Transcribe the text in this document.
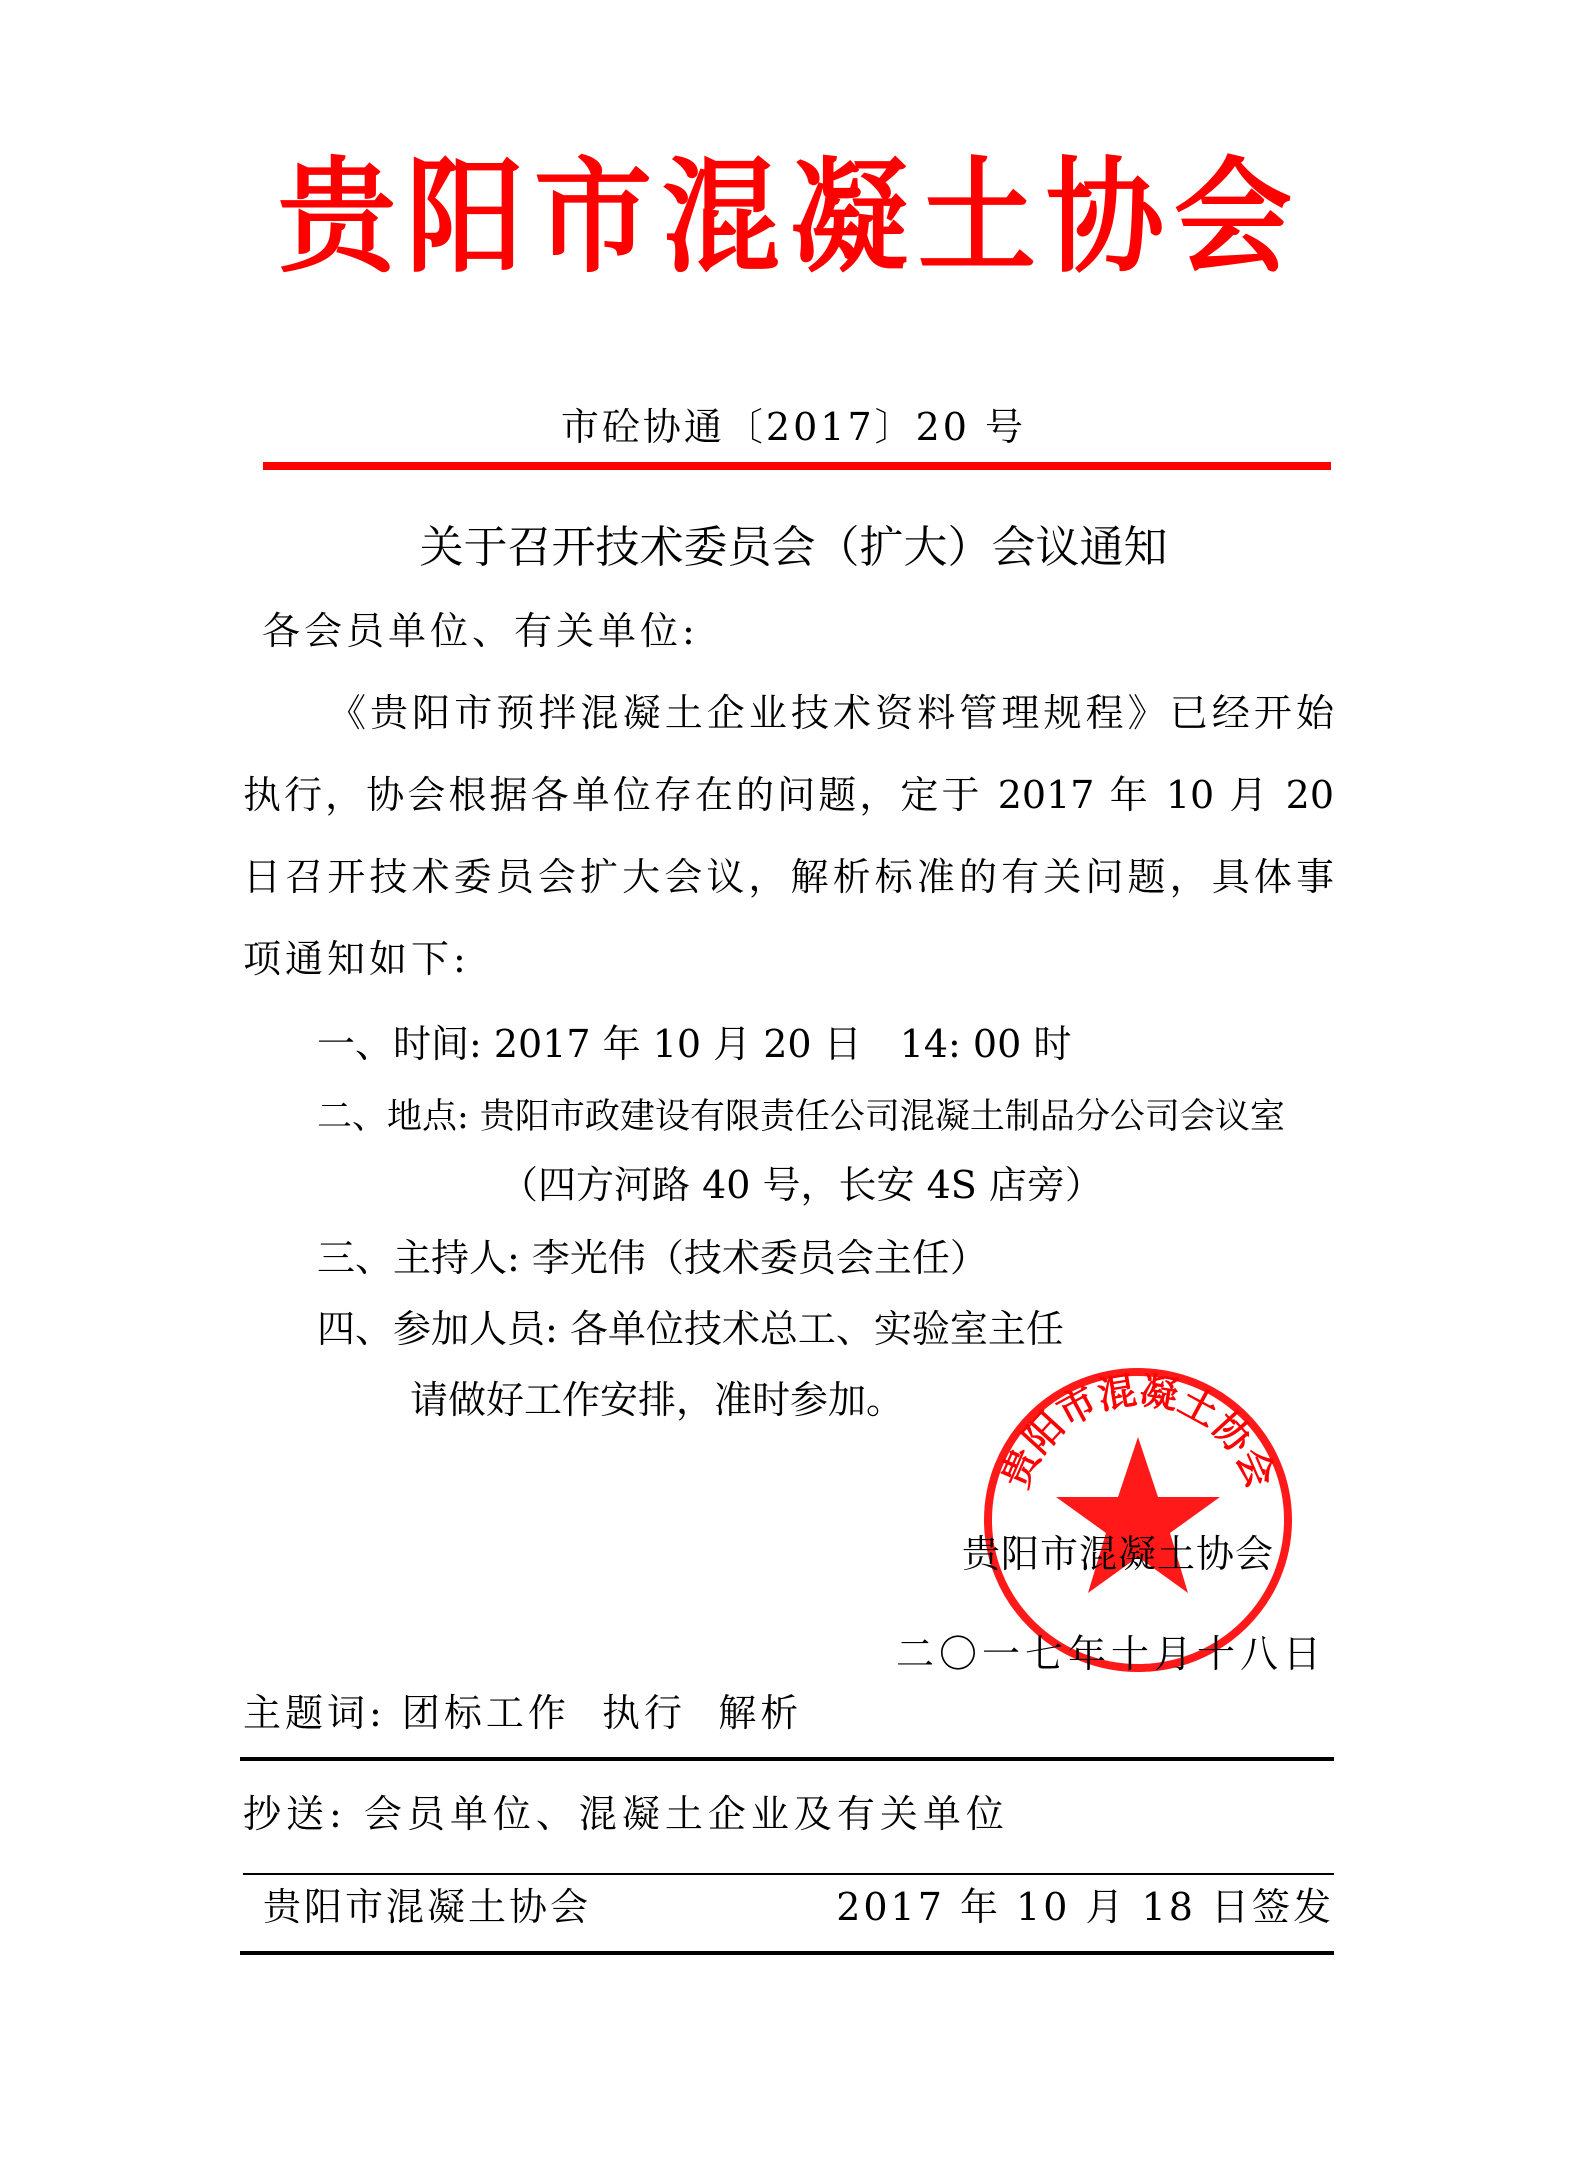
贵阳市混凝土协会
市砼协通〔2017〕20 号
关于召开技术委员会（扩大）会议通知
各会员单位、有关单位:
《贵阳市预拌混凝土企业技术资料管理规程》已经开始
执行，协会根据各单位存在的问题，定于 2017 年 10 月 20
日召开技术委员会扩大会议，解析标准的有关问题，具体事
项通知如下:
一、时间: 2017 年 10 月 20 日　14: 00 时
二、地点: 贵阳市政建设有限责任公司混凝土制品分公司会议室
（四方河路 40 号，长安 4S 店旁）
三、主持人: 李光伟（技术委员会主任）
四、参加人员: 各单位技术总工、实验室主任
请做好工作安排，准时参加。
贵阳市混凝土协会
贵阳市混凝土协会
二〇一七年十月十八日
主题词: 团标工作  执行  解析
抄送: 会员单位、混凝土企业及有关单位
贵阳市混凝土协会	2017 年 10 月 18 日签发
